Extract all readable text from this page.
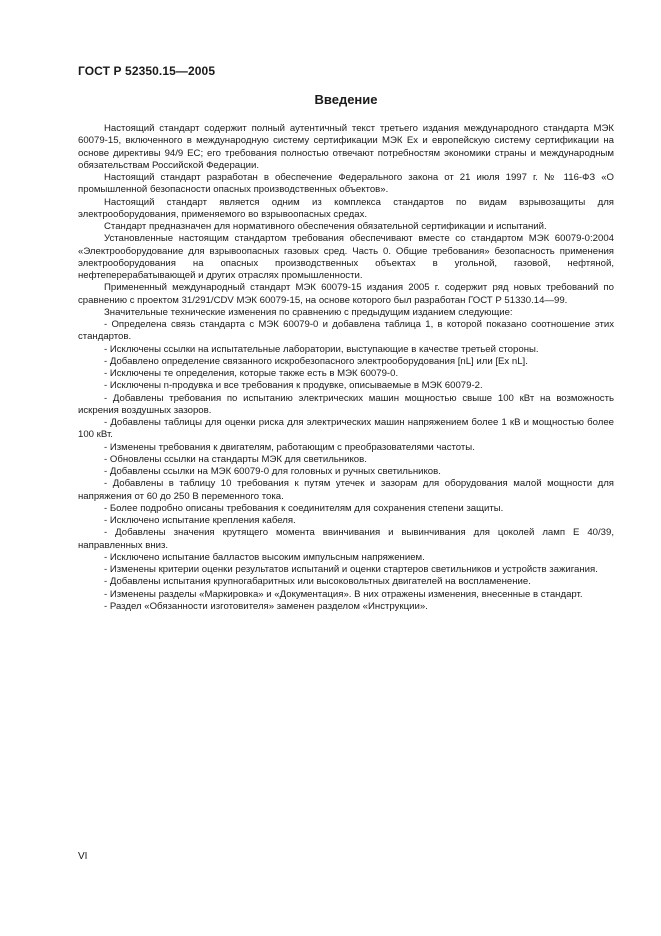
ГОСТ Р 52350.15—2005
Введение

Настоящий стандарт содержит полный аутентичный текст третьего издания международного стандарта МЭК 60079-15, включенного в международную систему сертификации МЭК Ex и европейскую систему сертификации на основе директивы 94/9 ЕС; его требования полностью отвечают потребностям экономики страны и международным обязательствам Российской Федерации.

Настоящий стандарт разработан в обеспечение Федерального закона от 21 июля 1997 г. № 116-ФЗ «О промышленной безопасности опасных производственных объектов».

Настоящий стандарт является одним из комплекса стандартов по видам взрывозащиты для электрооборудования, применяемого во взрывоопасных средах.

Стандарт предназначен для нормативного обеспечения обязательной сертификации и испытаний.

Установленные настоящим стандартом требования обеспечивают вместе со стандартом МЭК 60079-0:2004 «Электрооборудование для взрывоопасных газовых сред. Часть 0. Общие требования» безопасность применения электрооборудования на опасных производственных объектах в угольной, газовой, нефтяной, нефтеперерабатывающей и других отраслях промышленности.

Примененный международный стандарт МЭК 60079-15 издания 2005 г. содержит ряд новых требований по сравнению с проектом 31/291/CDV МЭК 60079-15, на основе которого был разработан ГОСТ Р 51330.14—99.

Значительные технические изменения по сравнению с предыдущим изданием следующие:

- Определена связь стандарта с МЭК 60079-0 и добавлена таблица 1, в которой показано соотношение этих стандартов.

- Исключены ссылки на испытательные лаборатории, выступающие в качестве третьей стороны.

- Добавлено определение связанного искробезопасного электрооборудования [nL] или [Ex nL].

- Исключены те определения, которые также есть в МЭК 60079-0.

- Исключены n-продувка и все требования к продувке, описываемые в МЭК 60079-2.

- Добавлены требования по испытанию электрических машин мощностью свыше 100 кВт на возможность искрения воздушных зазоров.

- Добавлены таблицы для оценки риска для электрических машин напряжением более 1 кВ и мощностью более 100 кВт.

- Изменены требования к двигателям, работающим с преобразователями частоты.

- Обновлены ссылки на стандарты МЭК для светильников.

- Добавлены ссылки на МЭК 60079-0 для головных и ручных светильников.

- Добавлены в таблицу 10 требования к путям утечек и зазорам для оборудования малой мощности для напряжения от 60 до 250 В переменного тока.

- Более подробно описаны требования к соединителям для сохранения степени защиты.

- Исключено испытание крепления кабеля.

- Добавлены значения крутящего момента ввинчивания и вывинчивания для цоколей ламп Е 40/39, направленных вниз.

- Исключено испытание балластов высоким импульсным напряжением.

- Изменены критерии оценки результатов испытаний и оценки стартеров светильников и устройств зажигания.

- Добавлены испытания крупногабаритных или высоковольтных двигателей на воспламенение.

- Изменены разделы «Маркировка» и «Документация». В них отражены изменения, внесенные в стандарт.

- Раздел «Обязанности изготовителя» заменен разделом «Инструкции».

VI
